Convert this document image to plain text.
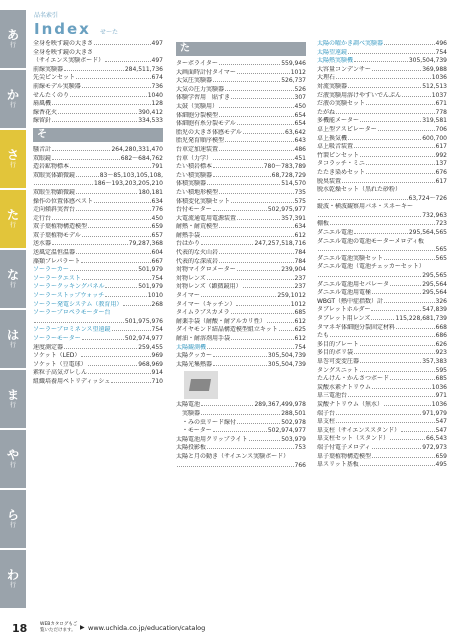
あ
行
か
行
さ
行
た
行
な
行
は
行
ま
行
や
行
ら
行
わ
行
品名索引
Index せ〜た
全身を映す鏡の大きさ	497
全身を映す鏡の大きさ
（サイエンス実験ボード）	497
前線実験器	284,511,736
先尖ピンセット	674
前線モデル実験器	736
せんたくのり	1040
扇風機	128
線香花火	390,412
線留針	334,533
そ
騒音計	264,280,331,470
双眼鏡	682〜684,762
造岩鉱物標本	791
双眼実体顕微鏡	83〜85,103,105,108,
186〜193,203,205,210
双眼生物顕微鏡	180,181
操作の位置体感ベスト	634
走向傾斜実習台	776
走行台	450
双子葉植物構造模型	659
双子葉植物モデル	657
送水器	79,287,368
送風定温恒温器	604
藻類プレパラート	667
ソーラーカー	501,979
ソーラークエスト	754
ソーラークッキングパネル	501,979
ソーラーストップウォッチ	1010
ソーラー発電システム（教育用）	268
ソーラープロペラモーター台
501,975,976
ソーラープロミネンス望遠鏡	754
ソーラーモーター	502,974,977
速度測定器	259,455
ソケット（LED）	969
ソケット（豆電球）	968,969
素粒子高気ガレしん	914
組織培養用ペトリディッシュ	710
た
ターボライター	559,946
大画面時計付タイマー	1012
大気圧実験器	526,737
大気の圧力実験器	526
体験学習用　貼すき	307
太鼓（実験用）	450
体細胞分裂模型	654
体細胞有糸分裂モデル	654
胎児の大きさ体感モデル	63,642
胎児発育順序模型	643
台車定加速装置	486
台車（力学）	451
たい積岩標本	780〜783,789
たい積実験器	68,728,729
体積実験器	514,570
たい積地形模型	735
体積変化実験セット	575
台付モーター	502,975,977
大電流通電用電源装置	357,391
耐熱・耐荒模型	634
耐熱手袋	612
台はかり	247,257,518,716
代表的な火山岩	784
代表的な深成岩	784
対物マイクロメーター	239,904
対物レンズ	237
対物レンズ（顕微鏡用）	237
タイマー	259,1012
タイマー（キッチン）	1012
タイムラプスカメラ	685
耐薬手袋（耐酸・耐アルカリ性）	612
ダイヤモンド結晶構造模型組立キット	625
耐油・耐溶剤用手袋	612
太陽観測機	754
太陽クッカー	305,504,739
太陽光集熱器	305,504,739
太陽電池	289,367,499,978
実験器	288,501
・みの虫リード線付	502,978
・モーター	502,974,977
太陽電池用クリップライト	503,979
太陽投影板	753
太陽と月の動き（サイエンス実験ボード）
766
太陽の曜かき調べ実験器	496
太陽望遠鏡	754
太陽熱実験機	305,504,739
大容量コンデンサー	369,988
大理石	1036
対流実験器	512,513
だ液実験用溶けやすいでんぷん	1037
だ液の実験セット	671
たがね	778
多機能メーター	319,581
卓上型アスピレーター	706
卓上換気機	600,700
卓上吸音装置	617
竹製ピンセット	992
タコラッチ・ミニ	137
たたき染めセット	676
脱臭装置	617
脱水乾燥セット（黒れた砂粉）
63,724〜726
縦波・横波観察用バネ・スネーキー
732,963
棚板	723
ダニエル電池	295,564,565
ダニエル電池の電池モーターメロディ板
565
ダニエル電池実験セット	565
ダニエル電池（電池チェッカーセット）
295,565
ダニエル電池用セパレータ	295,564
ダニエル電池用電極	295,564
WBGT（熱中症指数）計	326
タブレットホルダー	547,839
タブレット用レンズ	115,228,681,739
タマネギ体細胞分裂固定材料	668
たも	686
多目的プレート	626
多目的ポリ袋	923
単巻可変変圧器	357,383
タングスニット	595
たんけん・かんさつボード	685
炭酸水素ナトリウム	1036
単三電池台	971
炭酸ナトリウム（無水）	1036
端子台	971,979
単支柱	547
単支柱（サイエンススタンド）	547
単支柱セット（スタンド）	66,543
端子付電子メロディ	972,973
単子葉植物構造模型	659
単スリット基板	495
18	WEBカタログもご覧いただけます。 ▶ www.uchida.co.jp/education/catalog
